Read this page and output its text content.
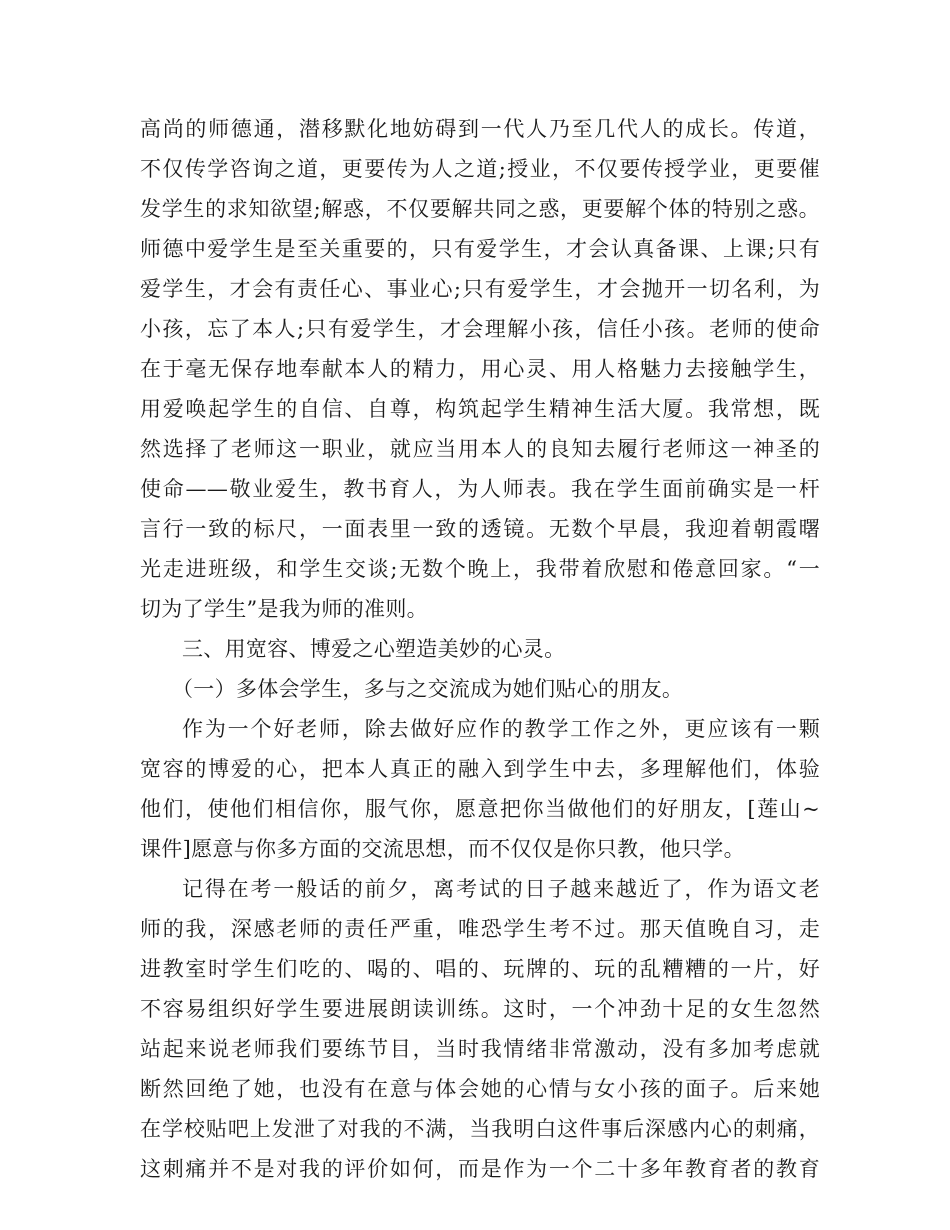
高尚的师德通，潜移默化地妨碍到一代人乃至几代人的成长。传道，
不仅传学咨询之道，更要传为人之道;授业，不仅要传授学业，更要催
发学生的求知欲望;解惑，不仅要解共同之惑，更要解个体的特别之惑。
师德中爱学生是至关重要的，只有爱学生，才会认真备课、上课;只有
爱学生，才会有责任心、事业心;只有爱学生，才会抛开一切名利，为
小孩，忘了本人;只有爱学生，才会理解小孩，信任小孩。老师的使命
在于毫无保存地奉献本人的精力，用心灵、用人格魅力去接触学生，
用爱唤起学生的自信、自尊，构筑起学生精神生活大厦。我常想，既
然选择了老师这一职业，就应当用本人的良知去履行老师这一神圣的
使命——敬业爱生，教书育人，为人师表。我在学生面前确实是一杆
言行一致的标尺，一面表里一致的透镜。无数个早晨，我迎着朝霞曙
光走进班级，和学生交谈;无数个晚上，我带着欣慰和倦意回家。“一
切为了学生”是我为师的准则。
三、用宽容、博爱之心塑造美妙的心灵。
（一）多体会学生，多与之交流成为她们贴心的朋友。
作为一个好老师，除去做好应作的教学工作之外，更应该有一颗
宽容的博爱的心，把本人真正的融入到学生中去，多理解他们，体验
他们，使他们相信你，服气你，愿意把你当做他们的好朋友，[莲山~
课件]愿意与你多方面的交流思想，而不仅仅是你只教，他只学。
记得在考一般话的前夕，离考试的日子越来越近了，作为语文老
师的我，深感老师的责任严重，唯恐学生考不过。那天值晚自习，走
进教室时学生们吃的、喝的、唱的、玩牌的、玩的乱糟糟的一片，好
不容易组织好学生要进展朗读训练。这时，一个冲劲十足的女生忽然
站起来说老师我们要练节目，当时我情绪非常激动，没有多加考虑就
断然回绝了她，也没有在意与体会她的心情与女小孩的面子。后来她
在学校贴吧上发泄了对我的不满，当我明白这件事后深感内心的刺痛，
这刺痛并不是对我的评价如何，而是作为一个二十多年教育者的教育
